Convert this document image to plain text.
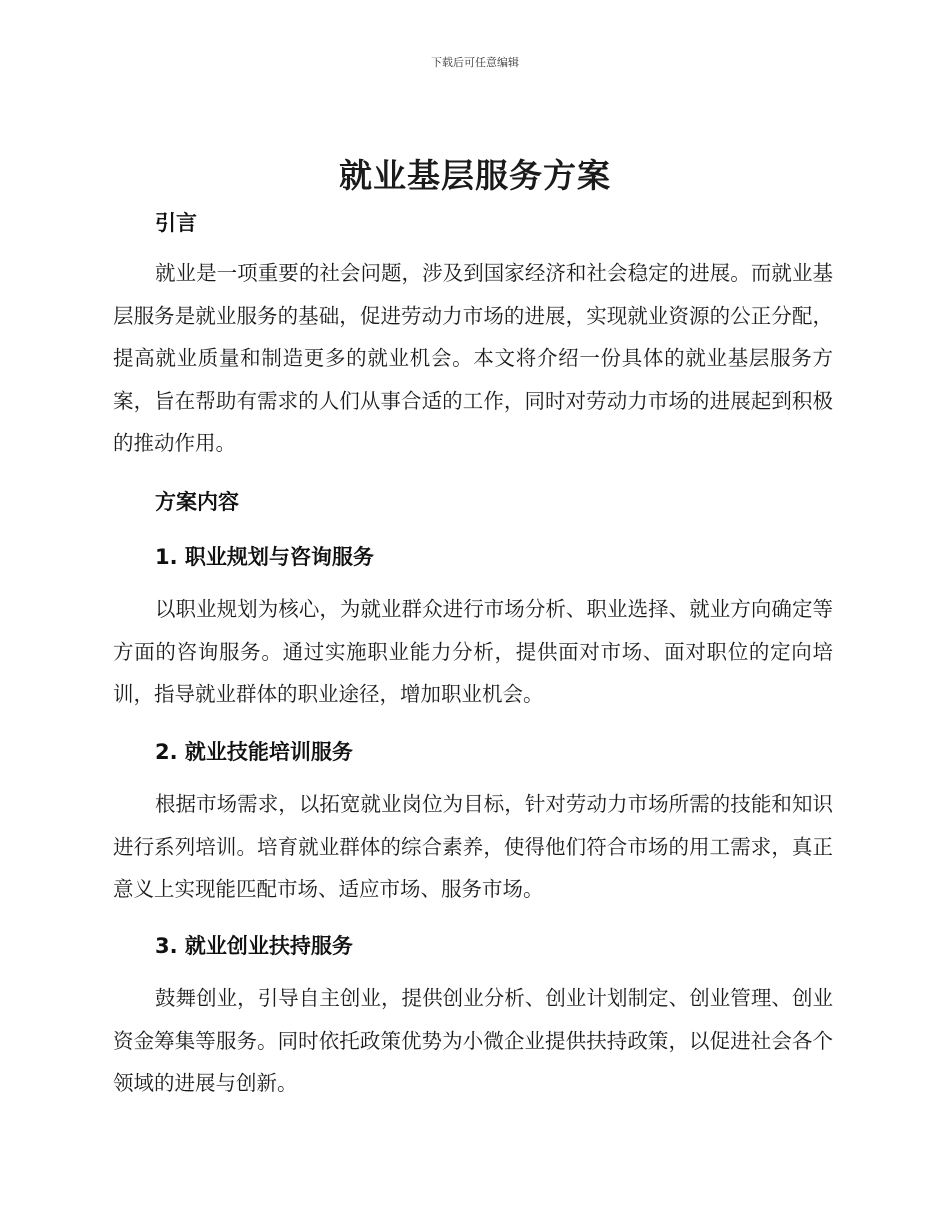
下载后可任意编辑
就业基层服务方案
引言
就业是一项重要的社会问题，涉及到国家经济和社会稳定的进展。而就业基层服务是就业服务的基础，促进劳动力市场的进展，实现就业资源的公正分配，提高就业质量和制造更多的就业机会。本文将介绍一份具体的就业基层服务方案，旨在帮助有需求的人们从事合适的工作，同时对劳动力市场的进展起到积极的推动作用。
方案内容
1. 职业规划与咨询服务
以职业规划为核心，为就业群众进行市场分析、职业选择、就业方向确定等方面的咨询服务。通过实施职业能力分析，提供面对市场、面对职位的定向培训，指导就业群体的职业途径，增加职业机会。
2. 就业技能培训服务
根据市场需求，以拓宽就业岗位为目标，针对劳动力市场所需的技能和知识进行系列培训。培育就业群体的综合素养，使得他们符合市场的用工需求，真正意义上实现能匹配市场、适应市场、服务市场。
3. 就业创业扶持服务
鼓舞创业，引导自主创业，提供创业分析、创业计划制定、创业管理、创业资金筹集等服务。同时依托政策优势为小微企业提供扶持政策，以促进社会各个领域的进展与创新。
